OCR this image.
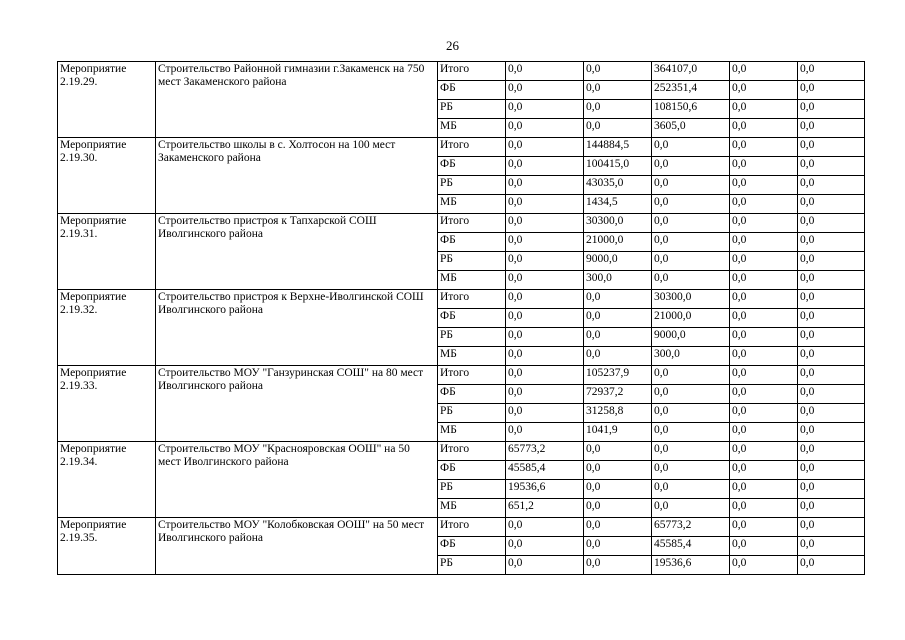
26
Мероприятие 2.19.29.	Строительство Районной гимназии г.Закаменск на 750 мест Закаменского района	Итого	0,0	0,0	364107,0	0,0	0,0
		ФБ	0,0	0,0	252351,4	0,0	0,0
		РБ	0,0	0,0	108150,6	0,0	0,0
		МБ	0,0	0,0	3605,0	0,0	0,0
Мероприятие 2.19.30.	Строительство школы в с. Холтосон на 100 мест Закаменского района	Итого	0,0	144884,5	0,0	0,0	0,0
		ФБ	0,0	100415,0	0,0	0,0	0,0
		РБ	0,0	43035,0	0,0	0,0	0,0
		МБ	0,0	1434,5	0,0	0,0	0,0
Мероприятие 2.19.31.	Строительство пристроя к Тапхарской СОШ Иволгинского района	Итого	0,0	30300,0	0,0	0,0	0,0
		ФБ	0,0	21000,0	0,0	0,0	0,0
		РБ	0,0	9000,0	0,0	0,0	0,0
		МБ	0,0	300,0	0,0	0,0	0,0
Мероприятие 2.19.32.	Строительство пристроя к Верхне-Иволгинской СОШ Иволгинского района	Итого	0,0	0,0	30300,0	0,0	0,0
		ФБ	0,0	0,0	21000,0	0,0	0,0
		РБ	0,0	0,0	9000,0	0,0	0,0
		МБ	0,0	0,0	300,0	0,0	0,0
Мероприятие 2.19.33.	Строительство МОУ "Ганзуринская СОШ" на 80 мест Иволгинского района	Итого	0,0	105237,9	0,0	0,0	0,0
		ФБ	0,0	72937,2	0,0	0,0	0,0
		РБ	0,0	31258,8	0,0	0,0	0,0
		МБ	0,0	1041,9	0,0	0,0	0,0
Мероприятие 2.19.34.	Строительство МОУ "Краснояровская ООШ" на 50 мест Иволгинского района	Итого	65773,2	0,0	0,0	0,0	0,0
		ФБ	45585,4	0,0	0,0	0,0	0,0
		РБ	19536,6	0,0	0,0	0,0	0,0
		МБ	651,2	0,0	0,0	0,0	0,0
Мероприятие 2.19.35.	Строительство МОУ "Колобковская ООШ" на 50 мест Иволгинского района	Итого	0,0	0,0	65773,2	0,0	0,0
		ФБ	0,0	0,0	45585,4	0,0	0,0
		РБ	0,0	0,0	19536,6	0,0	0,0
